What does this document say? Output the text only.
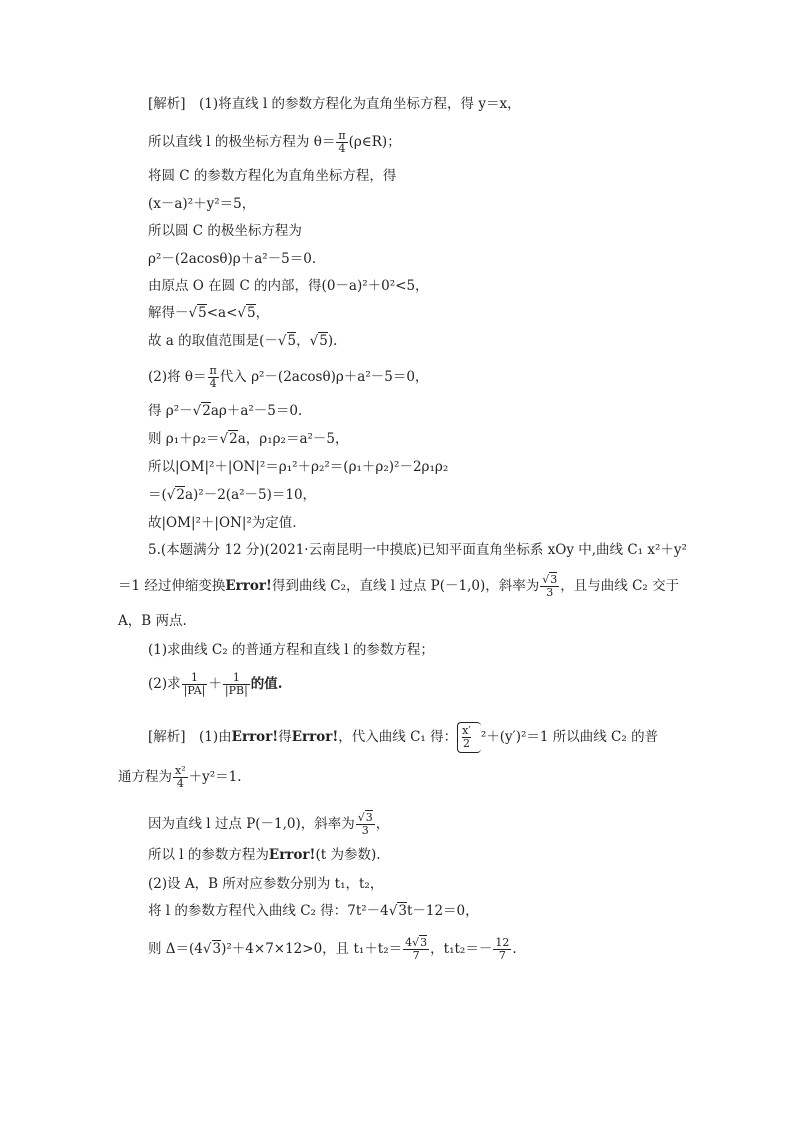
[解析]　(1)将直线 l 的参数方程化为直角坐标方程，得 y＝x，
所以直线 l 的极坐标方程为 $\theta= \frac{\pi}{4}$ (ρ∈R)；
将圆 C 的参数方程化为直角坐标方程，得
(x－a)²＋y²＝5，
所以圆 C 的极坐标方程为
ρ²－(2acosθ)ρ＋a²－5＝0.
由原点 O 在圆 C 的内部，得(0－a)²＋0²<5，
解得－√5<a<√5，
故 a 的取值范围是(－√5，√5).
(2)将 $\theta= \frac{\pi}{4}$ 代入 ρ²－(2acosθ)ρ＋a²－5＝0，
得 ρ²－√2aρ＋a²－5＝0.
则 ρ₁＋ρ₂＝√2a，ρ₁ρ₂＝a²－5，
所以|OM|²＋|ON|²＝ρ₁²＋ρ₂²＝(ρ₁＋ρ₂)²－2ρ₁ρ₂
＝(√2a)²－2(a²－5)＝10，
故|OM|²＋|ON|²为定值.
5.(本题满分 12 分)(2021·云南昆明一中摸底)已知平面直角坐标系 xOy 中,曲线 C₁ x²＋y²
＝1 经过伸缩变换Error!得到曲线 C₂，直线 l 过点 P(－1,0)，斜率为 $\frac{√3}{3}$ ，且与曲线 C₂ 交于
A，B 两点.
(1)求曲线 C₂ 的普通方程和直线 l 的参数方程；
(2)求 $\frac{1}{|PA|} + \frac{1}{|PB|}$ 的值.
[解析]　(1)由Error!得Error!，代入曲线 C₁ 得： $\frac{x'}{2} ^2+(y')^2=1$ 所以曲线 C₂ 的普
通方程为 $\frac{\text{x²}}{4} +y^2=1$.
因为直线 l 过点 P(－1,0)，斜率为 $\frac{√3}{3}$ ，
所以 l 的参数方程为Error!(t 为参数).
(2)设 A，B 所对应参数分别为 t₁，t₂，
将 l 的参数方程代入曲线 C₂ 得：7t²－4√3t－12＝0，
则 Δ＝(4√3)²＋4×7×12>0，且 $t_1+t_2= \frac{4√3}{7}$ ，$t_1t_2=- \frac{12}{7}$ .
